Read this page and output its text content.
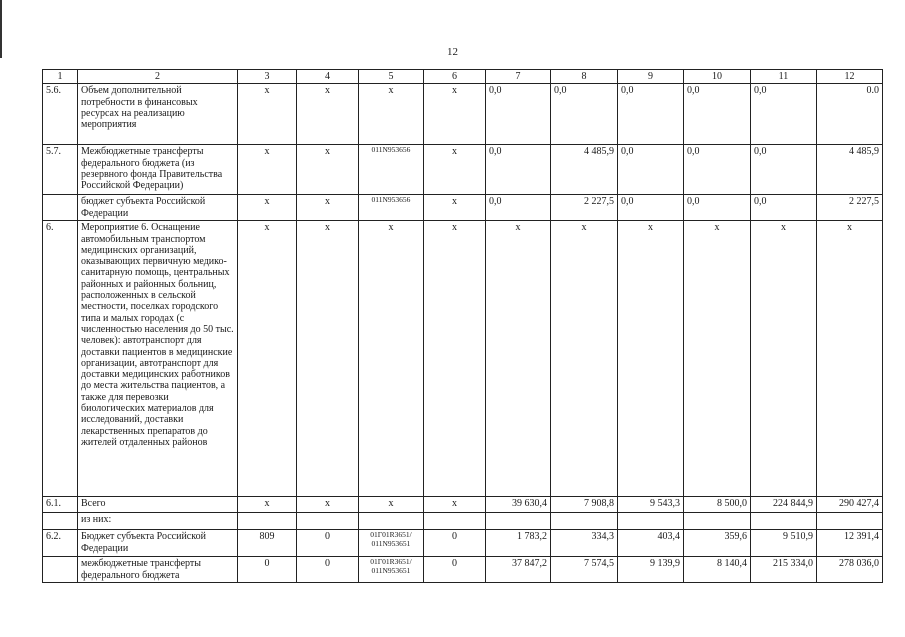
12
1	2	3	4	5	6	7	8	9	10	11	12
5.6.	Объем дополнительной потребности в финансовых ресурсах на реализацию мероприятия	x	x	x	x	0,0	0,0	0,0	0,0	0,0	0.0
5.7.	Межбюджетные трансферты федерального бюджета (из резервного фонда Правительства Российской Федерации)	x	x	011N953656	x	0,0	4 485,9	0,0	0,0	0,0	4 485,9
	бюджет субъекта Российской Федерации	x	x	011N953656	x	0,0	2 227,5	0,0	0,0	0,0	2 227,5
6.	Мероприятие 6. Оснащение автомобильным транспортом медицинских организаций, оказывающих первичную медико-санитарную помощь, центральных районных и районных больниц, расположенных в сельской местности, поселках городского типа и малых городах (с численностью населения до 50 тыс. человек): автотранспорт для доставки пациентов в медицинские организации, автотранспорт для доставки медицинских работников до места жительства пациентов, а также для перевозки биологических материалов для исследований, доставки лекарственных препаратов до жителей отдаленных районов	x	x	x	x	x	x	x	x	x	x
6.1.	Всего	x	x	x	x	39 630,4	7 908,8	9 543,3	8 500,0	224 844,9	290 427,4
	из них:										
6.2.	Бюджет субъекта Российской Федерации	809	0	01Г01R3651/ 011N953651	0	1 783,2	334,3	403,4	359,6	9 510,9	12 391,4
	межбюджетные трансферты федерального бюджета	0	0	01Г01R3651/ 011N953651	0	37 847,2	7 574,5	9 139,9	8 140,4	215 334,0	278 036,0
